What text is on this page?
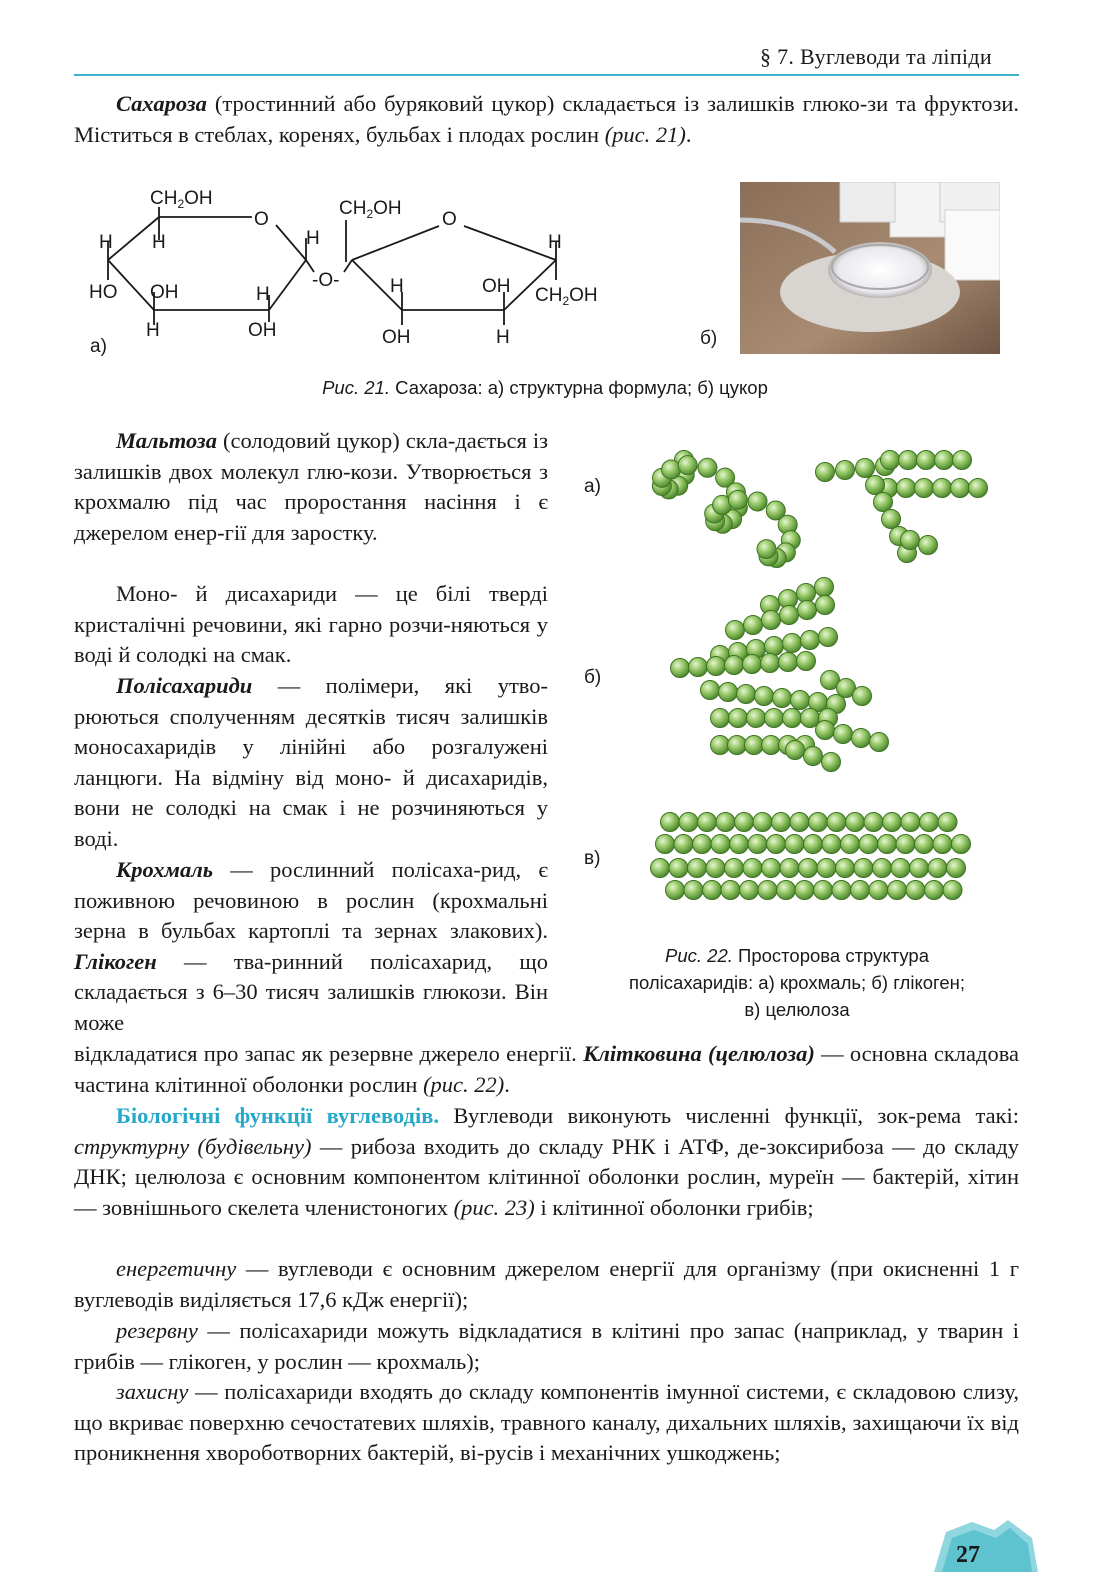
§ 7. Вуглеводи та ліпіди

Сахароза (тростинний або буряковий цукор) складається із залишків глюко-зи та фруктози. Міститься в стеблах, коренях, бульбах і плодах рослин (рис. 21).

$CH_2OH$
O
H H	H
HO OH	H
H	OH
-O-
$CH_2OH$
O
H
H	OH $CH_2OH$
OH	H
а)	б)
Рис. 21. Сахароза: а) структурна формула; б) цукор

Мальтоза (солодовий цукор) скла-дається із залишків двох молекул глю-кози. Утворюється з крохмалю під час проростання насіння і є джерелом енер-гії для заростку.

Моно- й дисахариди — це білі тверді кристалічні речовини, які гарно розчи-няються у воді й солодкі на смак.

Полісахариди — полімери, які утво-рюються сполученням десятків тисяч залишків моносахаридів у лінійні або розгалужені ланцюги. На відміну від моно- й дисахаридів, вони не солодкі на смак і не розчиняються у воді.

Крохмаль — рослинний полісаха-рид, є поживною речовиною в рослин (крохмальні зерна в бульбах картоплі та зернах злакових). Глікоген — тва-ринний полісахарид, що складається з 6–30 тисяч залишків глюкози. Він може

а)
б)
в)
Рис. 22. Просторова структура
полісахаридів: а) крохмаль; б) глікоген;
в) целюлоза

відкладатися про запас як резервне джерело енергії. Клітковина (целюлоза) — основна складова частина клітинної оболонки рослин (рис. 22).

Біологічні функції вуглеводів. Вуглеводи виконують численні функції, зок-рема такі: структурну (будівельну) — рибоза входить до складу РНК і АТФ, де-зоксирибоза — до складу ДНК; целюлоза є основним компонентом клітинної оболонки рослин, муреїн — бактерій, хітин — зовнішнього скелета членистоногих (рис. 23) і клітинної оболонки грибів;

енергетичну — вуглеводи є основним джерелом енергії для організму (при окисненні 1 г вуглеводів виділяється 17,6 кДж енергії);

резервну — полісахариди можуть відкладатися в клітині про запас (наприклад, у тварин і грибів — глікоген, у рослин — крохмаль);

захисну — полісахариди входять до складу компонентів імунної системи, є складовою слизу, що вкриває поверхню сечостатевих шляхів, травного каналу, дихальних шляхів, захищаючи їх від проникнення хвороботворних бактерій, ві-русів і механічних ушкоджень;

27
